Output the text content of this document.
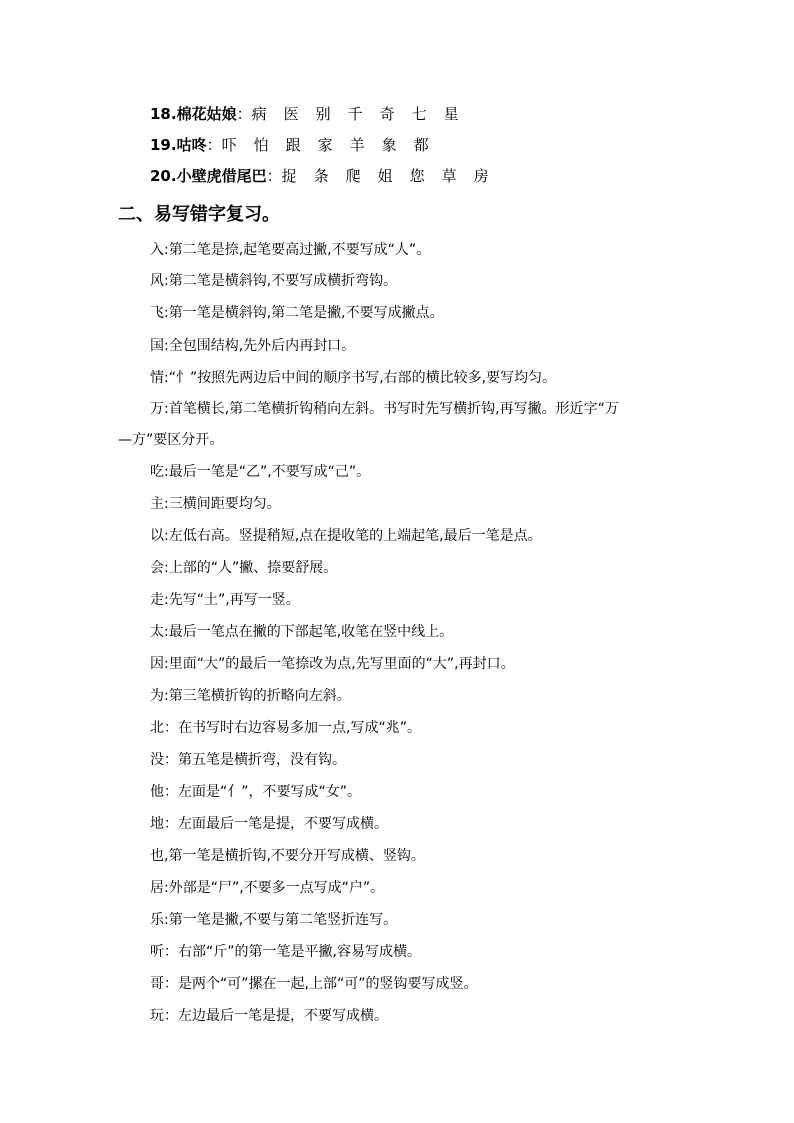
18.棉花姑娘：病　医　别　千　奇　七　星
19.咕咚：吓　怕　跟　家　羊　象　都
20.小壁虎借尾巴：捉　条　爬　姐　您　草　房
二、易写错字复习。
入:第二笔是捺,起笔要高过撇,不要写成“人”。
风:第二笔是横斜钩,不要写成横折弯钩。
飞:第一笔是横斜钩,第二笔是撇,不要写成撇点。
国:全包围结构,先外后内再封口。
情:“忄”按照先两边后中间的顺序书写,右部的横比较多,要写均匀。
万:首笔横长,第二笔横折钩稍向左斜。书写时先写横折钩,再写撇。形近字“万
—方”要区分开。
吃:最后一笔是“乙”,不要写成“己”。
主:三横间距要均匀。
以:左低右高。竖提稍短,点在提收笔的上端起笔,最后一笔是点。
会:上部的“人”撇、捺要舒展。
走:先写“土”,再写一竖。
太:最后一笔点在撇的下部起笔,收笔在竖中线上。
因:里面“大”的最后一笔捺改为点,先写里面的“大”,再封口。
为:第三笔横折钩的折略向左斜。
北：在书写时右边容易多加一点,写成“兆”。
没：第五笔是横折弯，没有钩。
他：左面是“亻”，不要写成“女”。
地：左面最后一笔是提，不要写成横。
也,第一笔是横折钩,不要分开写成横、竖钩。
居:外部是“尸”,不要多一点写成“户”。
乐:第一笔是撇,不要与第二笔竖折连写。
听：右部“斤”的第一笔是平撇,容易写成横。
哥：是两个“可”摞在一起,上部“可”的竖钩要写成竖。
玩：左边最后一笔是提，不要写成横。
